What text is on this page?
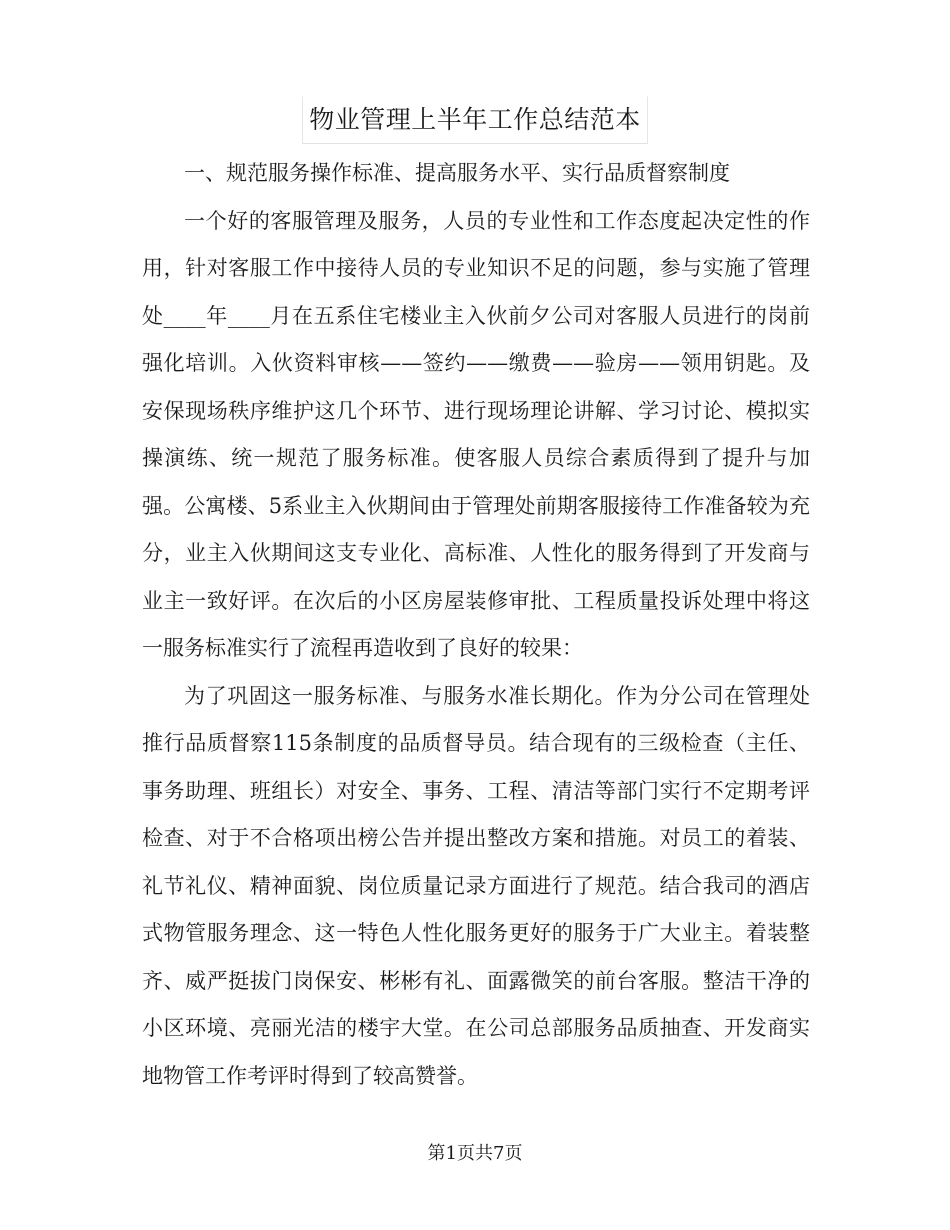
物业管理上半年工作总结范本

一、规范服务操作标准、提高服务水平、实行品质督察制度

一个好的客服管理及服务，人员的专业性和工作态度起决定性的作用，针对客服工作中接待人员的专业知识不足的问题，参与实施了管理处____年____月在五系住宅楼业主入伙前夕公司对客服人员进行的岗前强化培训。入伙资料审核——签约——缴费——验房——领用钥匙。及安保现场秩序维护这几个环节、进行现场理论讲解、学习讨论、模拟实操演练、统一规范了服务标准。使客服人员综合素质得到了提升与加强。公寓楼、5系业主入伙期间由于管理处前期客服接待工作准备较为充分，业主入伙期间这支专业化、高标准、人性化的服务得到了开发商与业主一致好评。在次后的小区房屋装修审批、工程质量投诉处理中将这一服务标准实行了流程再造收到了良好的较果：

为了巩固这一服务标准、与服务水准长期化。作为分公司在管理处推行品质督察115条制度的品质督导员。结合现有的三级检查（主任、事务助理、班组长）对安全、事务、工程、清洁等部门实行不定期考评检查、对于不合格项出榜公告并提出整改方案和措施。对员工的着装、礼节礼仪、精神面貌、岗位质量记录方面进行了规范。结合我司的酒店式物管服务理念、这一特色人性化服务更好的服务于广大业主。着装整齐、威严挺拔门岗保安、彬彬有礼、面露微笑的前台客服。整洁干净的小区环境、亮丽光洁的楼宇大堂。在公司总部服务品质抽查、开发商实地物管工作考评时得到了较高赞誉。

第1页共7页
